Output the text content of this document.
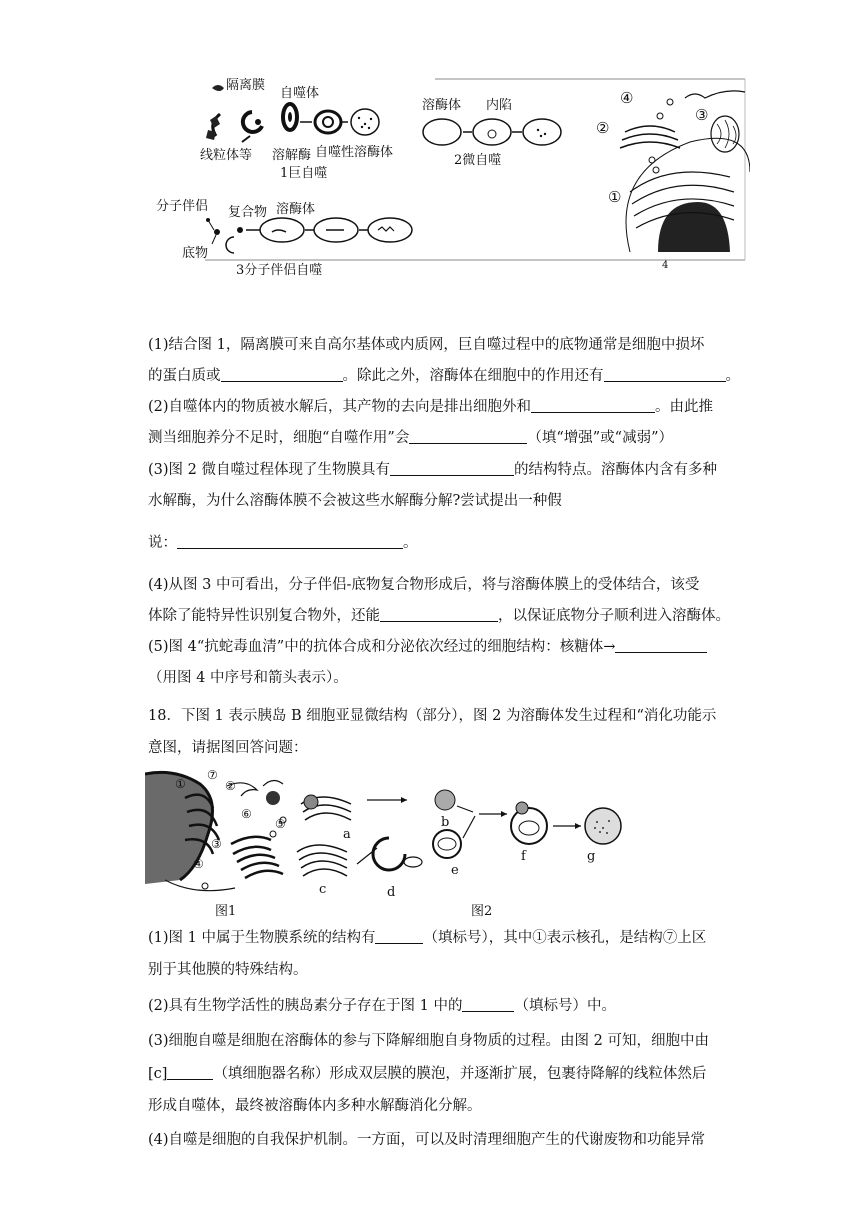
隔离膜
自噬体
线粒体等 溶解酶 自噬性溶酶体
1巨自噬
溶酶体 内陷
2微自噬
分子伴侣 复合物 溶酶体
底物
3分子伴侣自噬
④
②
③
①
4
(1)结合图 1，隔离膜可来自高尔基体或内质网，巨自噬过程中的底物通常是细胞中损坏
的蛋白质或	。除此之外，溶酶体在细胞中的作用还有	。
(2)自噬体内的物质被水解后，其产物的去向是排出细胞外和	。由此推
测当细胞养分不足时，细胞“自噬作用”会	（填“增强”或“减弱”）
(3)图 2 微自噬过程体现了生物膜具有	的结构特点。溶酶体内含有多种
水解酶，为什么溶酶体膜不会被这些水解酶分解?尝试提出一种假
说：	。
(4)从图 3 中可看出，分子伴侣-底物复合物形成后，将与溶酶体膜上的受体结合，该受
体除了能特异性识别复合物外，还能	，以保证底物分子顺利进入溶酶体。
(5)图 4“抗蛇毒血清”中的抗体合成和分泌依次经过的细胞结构：核糖体→
（用图 4 中序号和箭头表示）。
18．下图 1 表示胰岛 B 细胞亚显微结构（部分），图 2 为溶酶体发生过程和“消化功能示
意图，请据图回答问题：
①
⑦
②
③
④
⑤
⑥
图1
a
b
c	d
e
f	g
图2
(1)图 1 中属于生物膜系统的结构有	（填标号），其中①表示核孔，是结构⑦上区
别于其他膜的特殊结构。
(2)具有生物学活性的胰岛素分子存在于图 1 中的	（填标号）中。
(3)细胞自噬是细胞在溶酶体的参与下降解细胞自身物质的过程。由图 2 可知，细胞中由
[c]	（填细胞器名称）形成双层膜的膜泡，并逐渐扩展，包裹待降解的线粒体然后
形成自噬体，最终被溶酶体内多种水解酶消化分解。
(4)自噬是细胞的自我保护机制。一方面，可以及时清理细胞产生的代谢废物和功能异常
